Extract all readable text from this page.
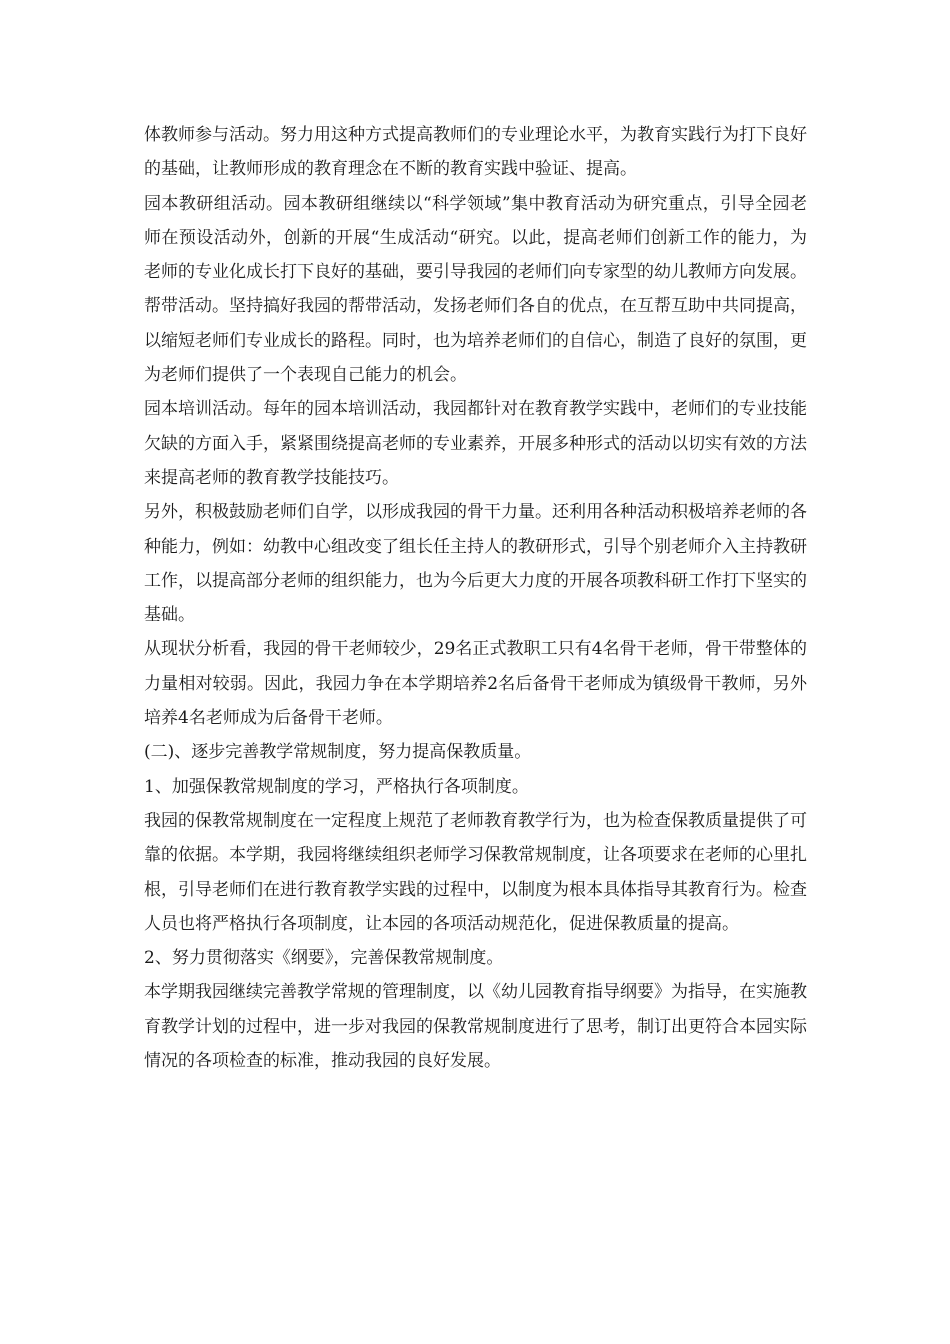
体教师参与活动。努力用这种方式提高教师们的专业理论水平，为教育实践行为打下良好的基础，让教师形成的教育理念在不断的教育实践中验证、提高。

园本教研组活动。园本教研组继续以“科学领域”集中教育活动为研究重点，引导全园老师在预设活动外，创新的开展“生成活动“研究。以此，提高老师们创新工作的能力，为老师的专业化成长打下良好的基础，要引导我园的老师们向专家型的幼儿教师方向发展。

帮带活动。坚持搞好我园的帮带活动，发扬老师们各自的优点，在互帮互助中共同提高，以缩短老师们专业成长的路程。同时，也为培养老师们的自信心，制造了良好的氛围，更为老师们提供了一个表现自己能力的机会。

园本培训活动。每年的园本培训活动，我园都针对在教育教学实践中，老师们的专业技能欠缺的方面入手，紧紧围绕提高老师的专业素养，开展多种形式的活动以切实有效的方法来提高老师的教育教学技能技巧。

另外，积极鼓励老师们自学，以形成我园的骨干力量。还利用各种活动积极培养老师的各种能力，例如：幼教中心组改变了组长任主持人的教研形式，引导个别老师介入主持教研工作，以提高部分老师的组织能力，也为今后更大力度的开展各项教科研工作打下坚实的基础。

从现状分析看，我园的骨干老师较少，29名正式教职工只有4名骨干老师，骨干带整体的力量相对较弱。因此，我园力争在本学期培养2名后备骨干老师成为镇级骨干教师，另外培养4名老师成为后备骨干老师。

(二)、逐步完善教学常规制度，努力提高保教质量。

1、加强保教常规制度的学习，严格执行各项制度。

我园的保教常规制度在一定程度上规范了老师教育教学行为，也为检查保教质量提供了可靠的依据。本学期，我园将继续组织老师学习保教常规制度，让各项要求在老师的心里扎根，引导老师们在进行教育教学实践的过程中，以制度为根本具体指导其教育行为。检查人员也将严格执行各项制度，让本园的各项活动规范化，促进保教质量的提高。

2、努力贯彻落实《纲要》，完善保教常规制度。

本学期我园继续完善教学常规的管理制度，以《幼儿园教育指导纲要》为指导，在实施教育教学计划的过程中，进一步对我园的保教常规制度进行了思考，制订出更符合本园实际情况的各项检查的标准，推动我园的良好发展。
